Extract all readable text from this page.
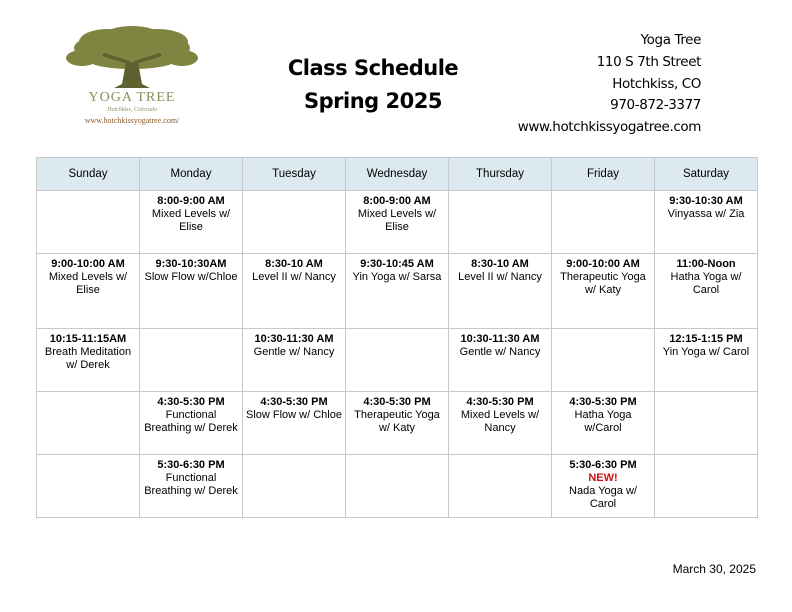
YOGA TREE
Hotchkiss, Colorado
www.hotchkissyogatree.com/
Class Schedule
Spring 2025
Yoga Tree
110 S 7th Street
Hotchkiss, CO
970-872-3377
www.hotchkissyogatree.com
Sunday	Monday	Tuesday	Wednesday	Thursday	Friday	Saturday

	8:00-9:00 AM
Mixed Levels w/ Elise		8:00-9:00 AM
Mixed Levels w/ Elise			9:30-10:30 AM
Vinyassa w/ Zia

9:00-10:00 AM
Mixed Levels w/ Elise	9:30-10:30AM
Slow Flow w/Chloe	8:30-10 AM
Level II w/ Nancy	9:30-10:45 AM
Yin Yoga w/ Sarsa	8:30-10 AM
Level II w/ Nancy	9:00-10:00 AM
Therapeutic Yoga w/ Katy	11:00-Noon
Hatha Yoga w/ Carol

10:15-11:15AM
Breath Meditation w/ Derek		10:30-11:30 AM
Gentle w/ Nancy		10:30-11:30 AM
Gentle w/ Nancy		12:15-1:15 PM
Yin Yoga w/ Carol

	4:30-5:30 PM
Functional Breathing w/ Derek	4:30-5:30 PM
Slow Flow w/ Chloe	4:30-5:30 PM
Therapeutic Yoga w/ Katy	4:30-5:30 PM
Mixed Levels w/ Nancy	4:30-5:30 PM
Hatha Yoga w/Carol	

	5:30-6:30 PM
Functional Breathing w/ Derek				5:30-6:30 PM
NEW!
Nada Yoga w/ Carol	

March 30, 2025
